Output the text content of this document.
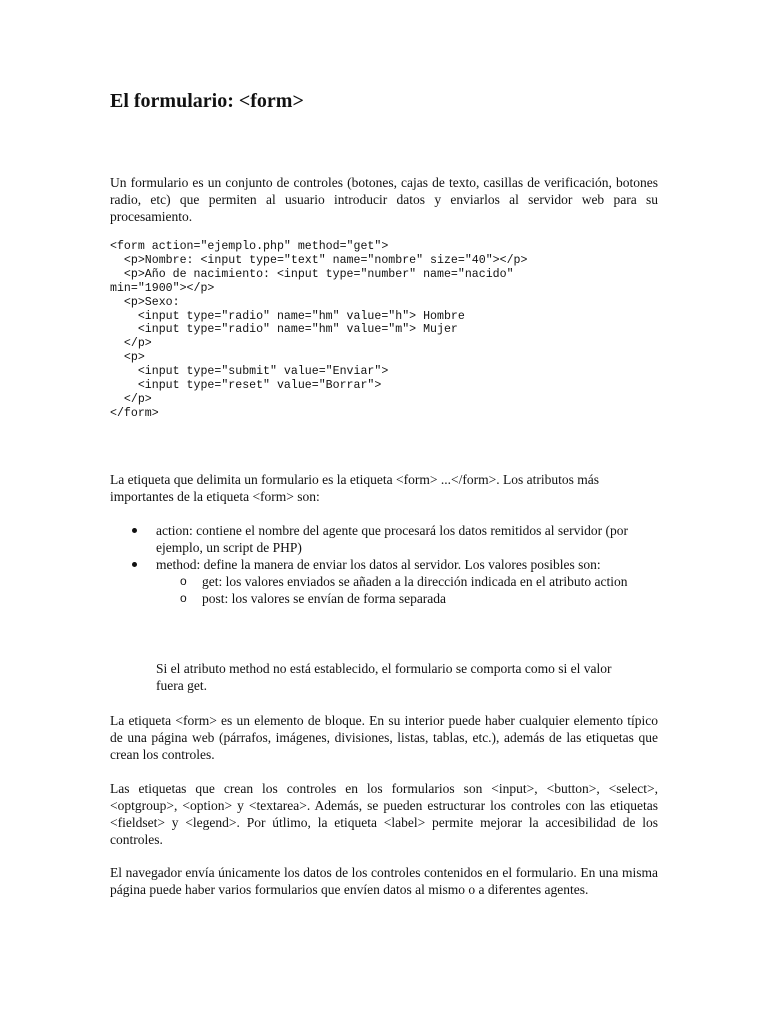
El formulario: <form>

Un formulario es un conjunto de controles (botones, cajas de texto, casillas de verificación, botones radio, etc) que permiten al usuario introducir datos y enviarlos al servidor web para su procesamiento.

<form action="ejemplo.php" method="get">
<p>Nombre: <input type="text" name="nombre" size="40"></p>
<p>Año de nacimiento: <input type="number" name="nacido"
min="1900"></p>
<p>Sexo:
<input type="radio" name="hm" value="h"> Hombre
<input type="radio" name="hm" value="m"> Mujer
</p>
<p>
<input type="submit" value="Enviar">
<input type="reset" value="Borrar">
</p>
</form>

La etiqueta que delimita un formulario es la etiqueta <form> ...</form>. Los atributos más importantes de la etiqueta <form> son:

action: contiene el nombre del agente que procesará los datos remitidos al servidor (por ejemplo, un script de PHP)
method: define la manera de enviar los datos al servidor. Los valores posibles son:
o get: los valores enviados se añaden a la dirección indicada en el atributo action
o post: los valores se envían de forma separada

Si el atributo method no está establecido, el formulario se comporta como si el valor fuera get.

La etiqueta <form> es un elemento de bloque. En su interior puede haber cualquier elemento típico de una página web (párrafos, imágenes, divisiones, listas, tablas, etc.), además de las etiquetas que crean los controles.

Las etiquetas que crean los controles en los formularios son <input>, <button>, <select>, <optgroup>, <option> y <textarea>. Además, se pueden estructurar los controles con las etiquetas <fieldset> y <legend>. Por útlimo, la etiqueta <label> permite mejorar la accesibilidad de los controles.

El navegador envía únicamente los datos de los controles contenidos en el formulario. En una misma página puede haber varios formularios que envíen datos al mismo o a diferentes agentes.
